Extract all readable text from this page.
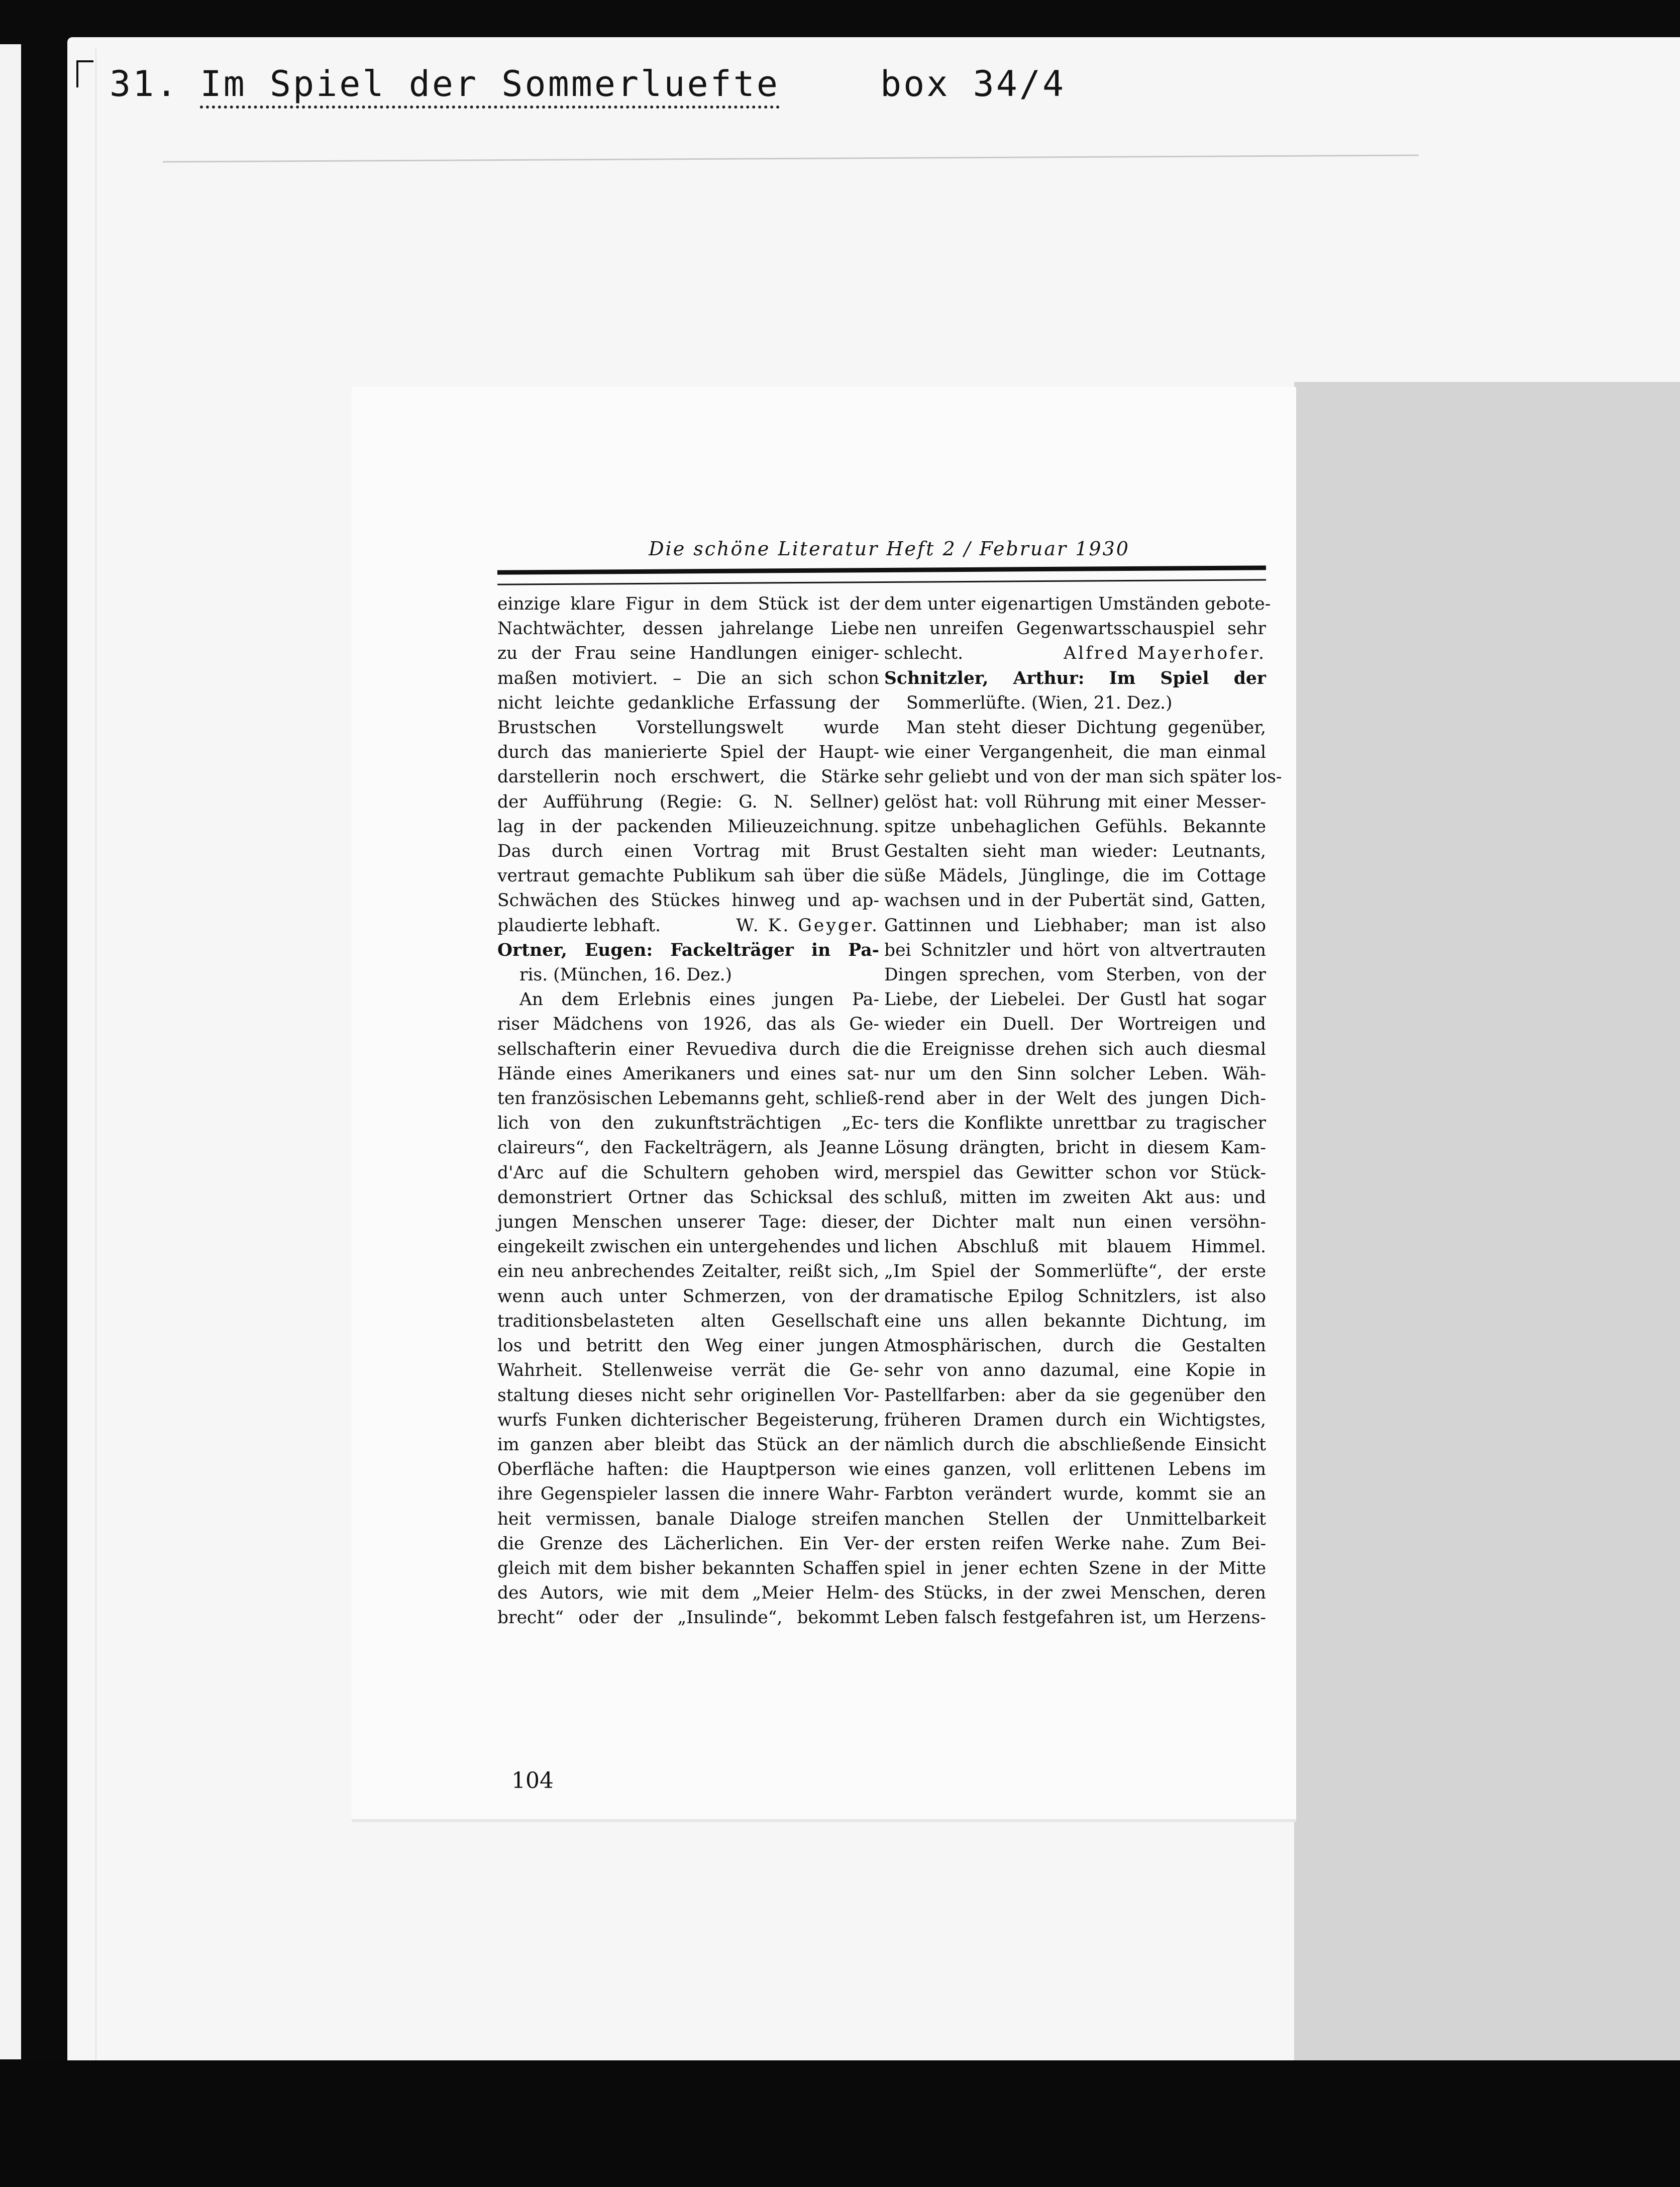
31. Im Spiel der Sommerluefte	box 34/4
Die schöne Literatur Heft 2 / Februar 1930
einzige klare Figur in dem Stück ist der
Nachtwächter, dessen jahrelange Liebe
zu der Frau seine Handlungen einiger-
maßen motiviert. – Die an sich schon
nicht leichte gedankliche Erfassung der
Brustschen Vorstellungswelt wurde
durch das manierierte Spiel der Haupt-
darstellerin noch erschwert, die Stärke
der Aufführung (Regie: G. N. Sellner)
lag in der packenden Milieuzeichnung.
Das durch einen Vortrag mit Brust
vertraut gemachte Publikum sah über die
Schwächen des Stückes hinweg und ap-
plaudierte lebhaft.	W. K. Geyger.
Ortner, Eugen: Fackelträger in Pa-
ris. (München, 16. Dez.)
An dem Erlebnis eines jungen Pa-
riser Mädchens von 1926, das als Ge-
sellschafterin einer Revuediva durch die
Hände eines Amerikaners und eines sat-
ten französischen Lebemanns geht, schließ-
lich von den zukunftsträchtigen „Ec-
claireurs“, den Fackelträgern, als Jeanne
d'Arc auf die Schultern gehoben wird,
demonstriert Ortner das Schicksal des
jungen Menschen unserer Tage: dieser,
eingekeilt zwischen ein untergehendes und
ein neu anbrechendes Zeitalter, reißt sich,
wenn auch unter Schmerzen, von der
traditionsbelasteten alten Gesellschaft
los und betritt den Weg einer jungen
Wahrheit. Stellenweise verrät die Ge-
staltung dieses nicht sehr originellen Vor-
wurfs Funken dichterischer Begeisterung,
im ganzen aber bleibt das Stück an der
Oberfläche haften: die Hauptperson wie
ihre Gegenspieler lassen die innere Wahr-
heit vermissen, banale Dialoge streifen
die Grenze des Lächerlichen. Ein Ver-
gleich mit dem bisher bekannten Schaffen
des Autors, wie mit dem „Meier Helm-
brecht“ oder der „Insulinde“, bekommt
dem unter eigenartigen Umständen gebote-
nen unreifen Gegenwartsschauspiel sehr
schlecht.	Alfred Mayerhofer.
Schnitzler, Arthur: Im Spiel der
Sommerlüfte. (Wien, 21. Dez.)
Man steht dieser Dichtung gegenüber,
wie einer Vergangenheit, die man einmal
sehr geliebt und von der man sich später los-
gelöst hat: voll Rührung mit einer Messer-
spitze unbehaglichen Gefühls. Bekannte
Gestalten sieht man wieder: Leutnants,
süße Mädels, Jünglinge, die im Cottage
wachsen und in der Pubertät sind, Gatten,
Gattinnen und Liebhaber; man ist also
bei Schnitzler und hört von altvertrauten
Dingen sprechen, vom Sterben, von der
Liebe, der Liebelei. Der Gustl hat sogar
wieder ein Duell. Der Wortreigen und
die Ereignisse drehen sich auch diesmal
nur um den Sinn solcher Leben. Wäh-
rend aber in der Welt des jungen Dich-
ters die Konflikte unrettbar zu tragischer
Lösung drängten, bricht in diesem Kam-
merspiel das Gewitter schon vor Stück-
schluß, mitten im zweiten Akt aus: und
der Dichter malt nun einen versöhn-
lichen Abschluß mit blauem Himmel.
„Im Spiel der Sommerlüfte“, der erste
dramatische Epilog Schnitzlers, ist also
eine uns allen bekannte Dichtung, im
Atmosphärischen, durch die Gestalten
sehr von anno dazumal, eine Kopie in
Pastellfarben: aber da sie gegenüber den
früheren Dramen durch ein Wichtigstes,
nämlich durch die abschließende Einsicht
eines ganzen, voll erlittenen Lebens im
Farbton verändert wurde, kommt sie an
manchen Stellen der Unmittelbarkeit
der ersten reifen Werke nahe. Zum Bei-
spiel in jener echten Szene in der Mitte
des Stücks, in der zwei Menschen, deren
Leben falsch festgefahren ist, um Herzens-
104
